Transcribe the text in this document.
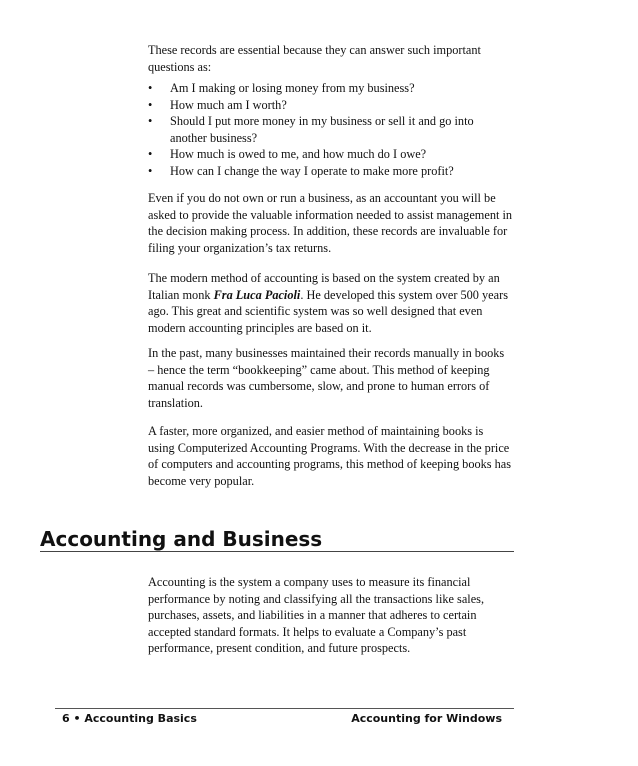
These records are essential because they can answer such important questions as:

• Am I making or losing money from my business?
• How much am I worth?
• Should I put more money in my business or sell it and go into another business?
• How much is owed to me, and how much do I owe?
• How can I change the way I operate to make more profit?

Even if you do not own or run a business, as an accountant you will be asked to provide the valuable information needed to assist management in the decision making process. In addition, these records are invaluable for filing your organization’s tax returns.

The modern method of accounting is based on the system created by an Italian monk Fra Luca Pacioli. He developed this system over 500 years ago. This great and scientific system was so well designed that even modern accounting principles are based on it.

In the past, many businesses maintained their records manually in books – hence the term “bookkeeping” came about. This method of keeping manual records was cumbersome, slow, and prone to human errors of translation.

A faster, more organized, and easier method of maintaining books is using Computerized Accounting Programs. With the decrease in the price of computers and accounting programs, this method of keeping books has become very popular.

Accounting and Business

Accounting is the system a company uses to measure its financial performance by noting and classifying all the transactions like sales, purchases, assets, and liabilities in a manner that adheres to certain accepted standard formats. It helps to evaluate a Company’s past performance, present condition, and future prospects.

6 • Accounting Basics	Accounting for Windows
